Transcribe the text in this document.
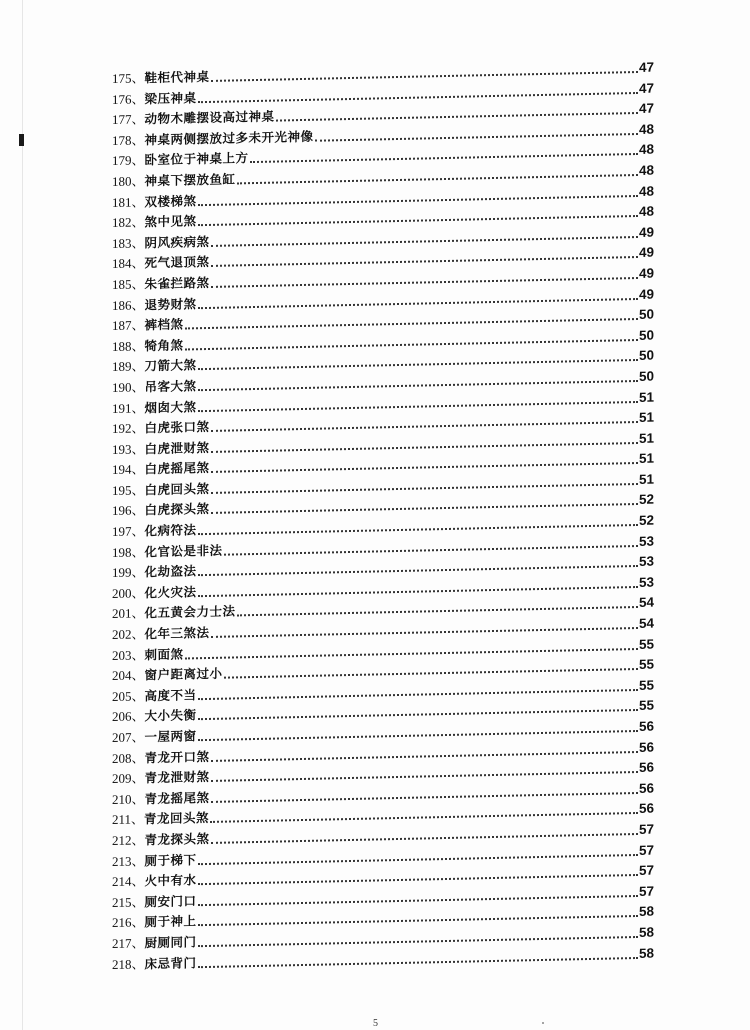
175、 鞋柜代神桌
47
176、 梁压神桌
47
177、 动物木雕摆设高过神桌
47
178、 神桌两侧摆放过多未开光神像	48
179、 卧室位于神桌上方
48
180、 神桌下摆放鱼缸
48
181、 双楼梯煞
48
182、 煞中见煞
48
183、 阴风疾病煞
49
184、 死气退顶煞
49
185、 朱雀拦路煞
49
186、 退势财煞
49
187、 裤档煞
50
188、 犄角煞
50
189、 刀箭大煞
50
190、 吊客大煞
50
191、 烟囱大煞
51
192、 白虎张口煞
51
193、 白虎泄财煞
51
194、 白虎摇尾煞
51
195、 白虎回头煞
51
196、 白虎探头煞
52
197、 化病符法
52
198、 化官讼是非法
53
199、 化劫盗法
53
200、 化火灾法
53
201、 化五黄会力士法
54
202、 化年三煞法
54
203、 刺面煞
55
204、 窗户距离过小
55
205、 高度不当
55
206、 大小失衡
55
207、 一屋两窗
56
208、 青龙开口煞
56
209、 青龙泄财煞
56
210、 青龙摇尾煞
56
211、 青龙回头煞
56
212、 青龙探头煞
57
213、 厕于梯下
57
214、 火中有水
57
215、 厕安门口
57
216、 厕于神上
58
217、 厨厕同门
58
218、 床忌背门
58
5
